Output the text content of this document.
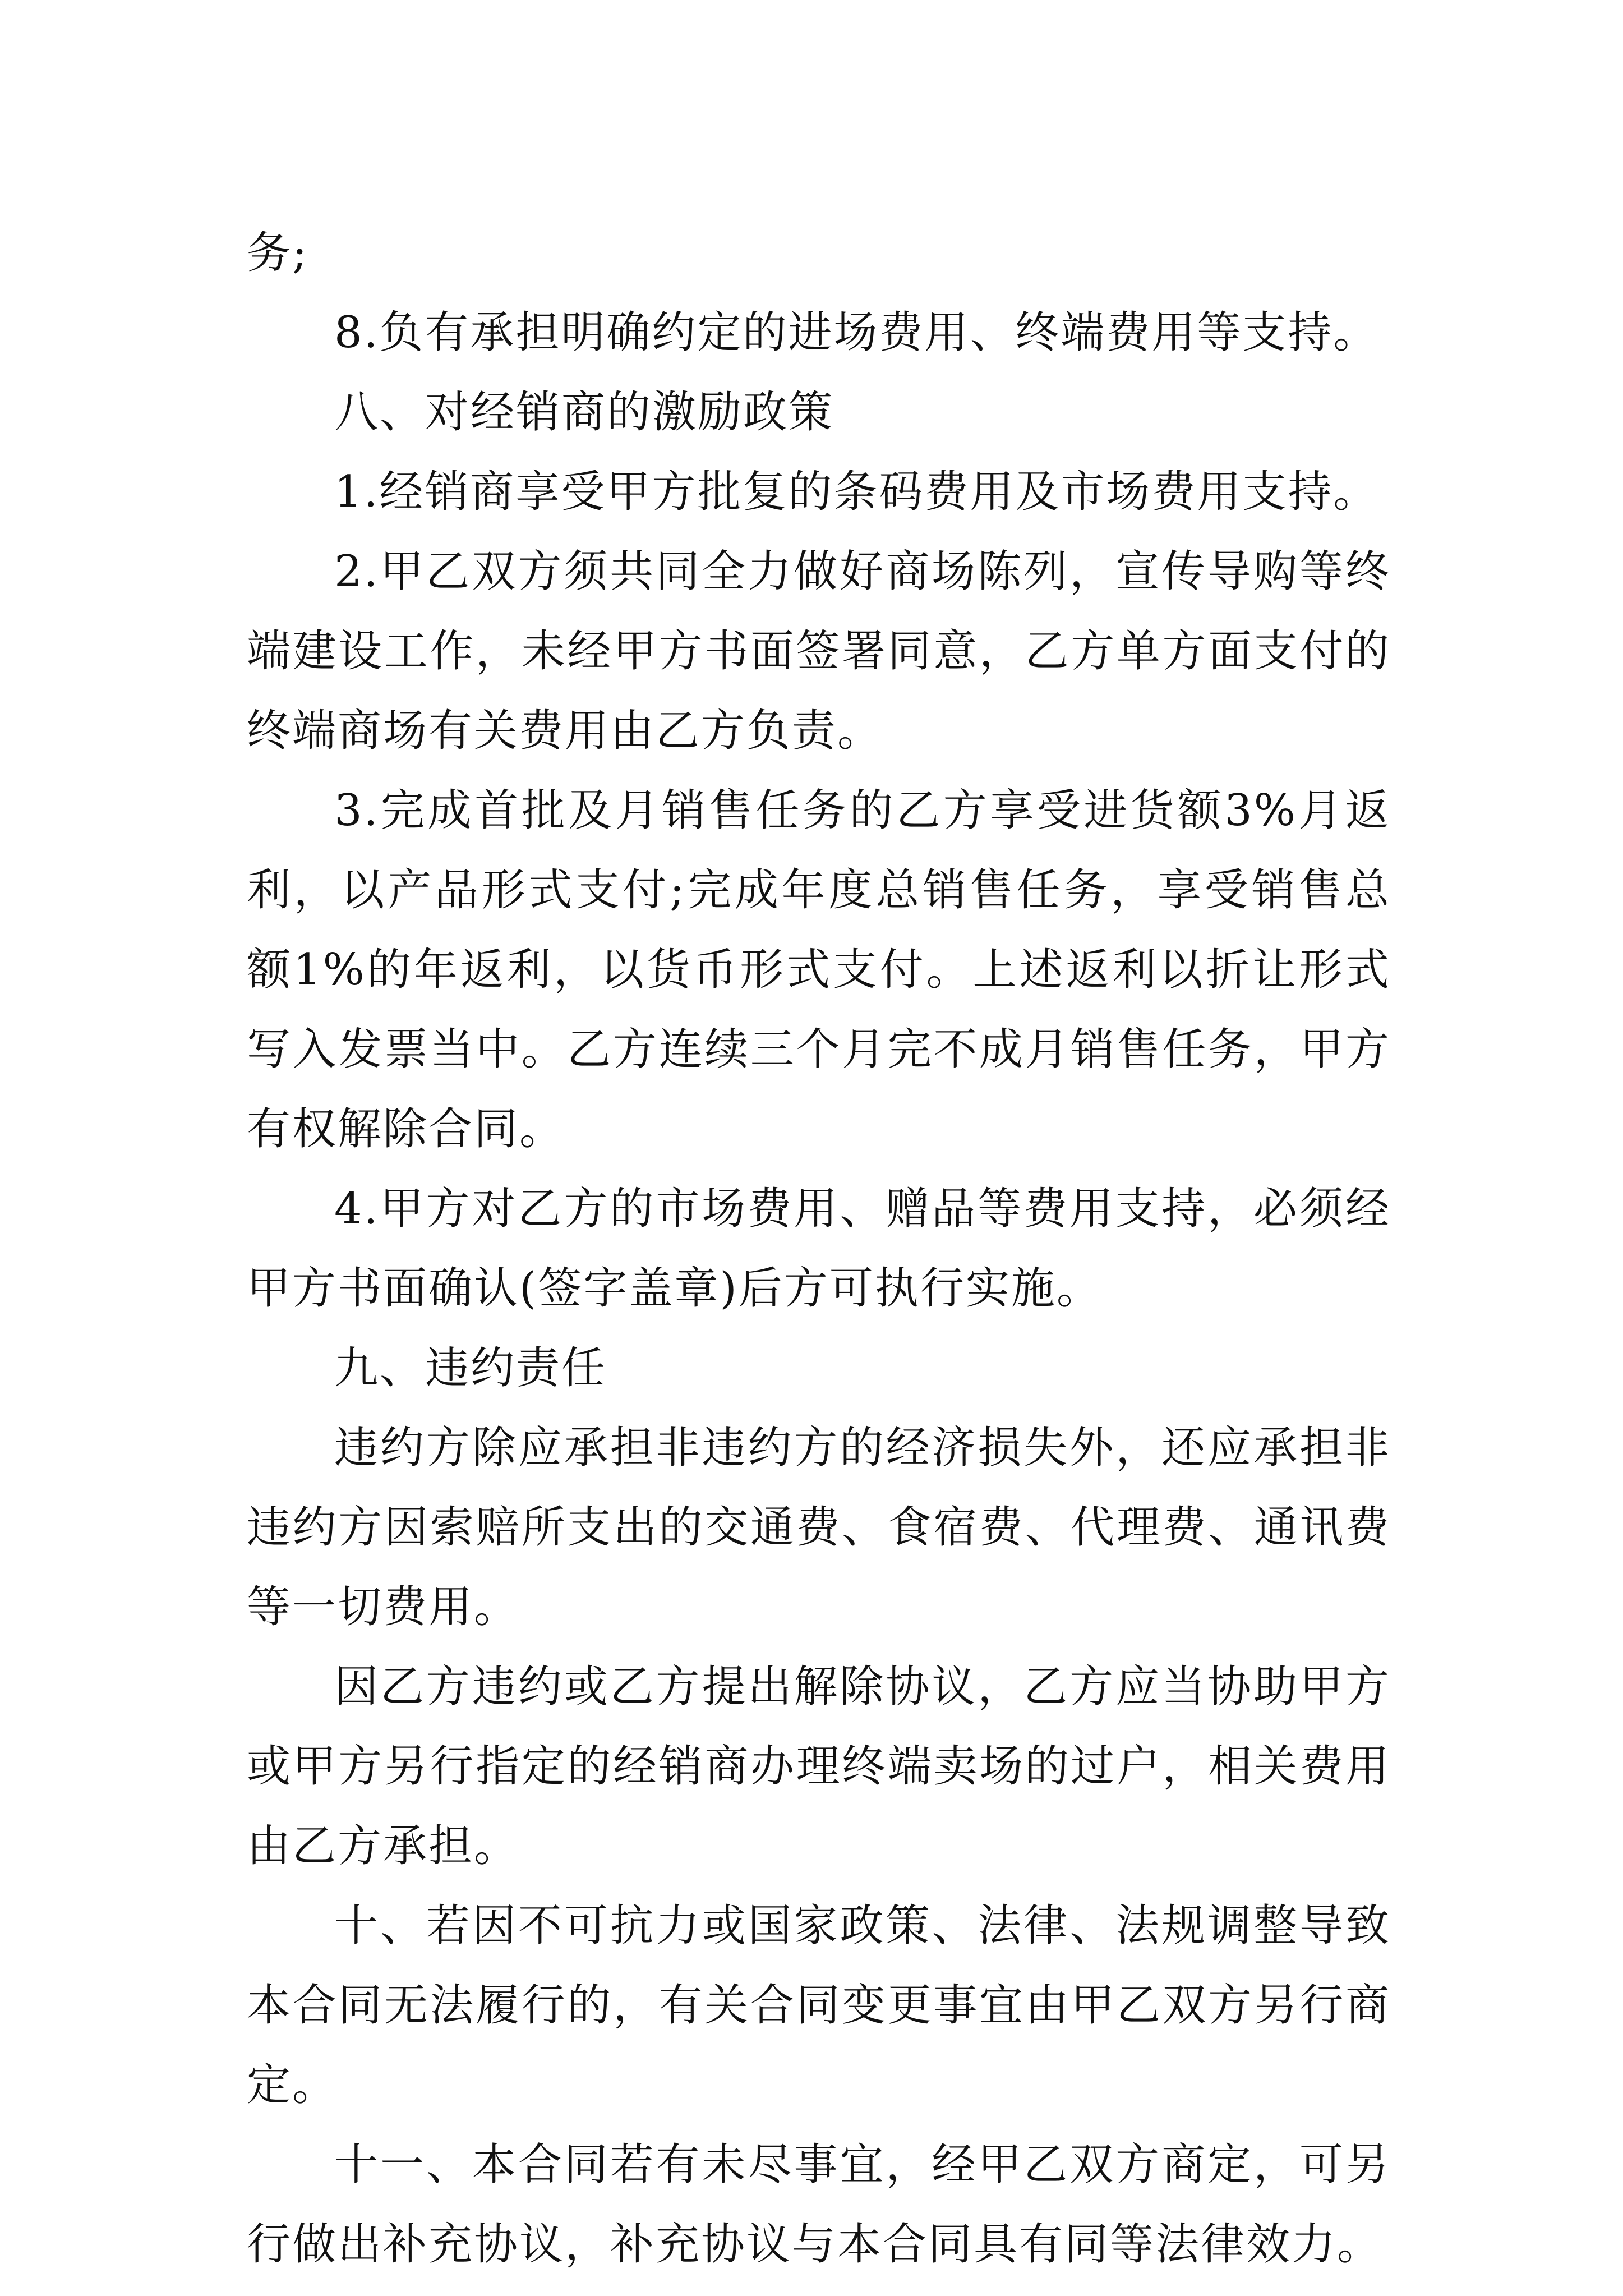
务;

8.负有承担明确约定的进场费用、终端费用等支持。

八、对经销商的激励政策

1.经销商享受甲方批复的条码费用及市场费用支持。

2.甲乙双方须共同全力做好商场陈列，宣传导购等终端建设工作，未经甲方书面签署同意，乙方单方面支付的终端商场有关费用由乙方负责。

3.完成首批及月销售任务的乙方享受进货额3%月返利，以产品形式支付;完成年度总销售任务，享受销售总额1%的年返利，以货币形式支付。上述返利以折让形式写入发票当中。乙方连续三个月完不成月销售任务，甲方有权解除合同。

4.甲方对乙方的市场费用、赠品等费用支持，必须经甲方书面确认(签字盖章)后方可执行实施。

九、违约责任

违约方除应承担非违约方的经济损失外，还应承担非违约方因索赔所支出的交通费、食宿费、代理费、通讯费等一切费用。

因乙方违约或乙方提出解除协议，乙方应当协助甲方或甲方另行指定的经销商办理终端卖场的过户，相关费用由乙方承担。

十、若因不可抗力或国家政策、法律、法规调整导致本合同无法履行的，有关合同变更事宜由甲乙双方另行商定。

十一、本合同若有未尽事宜，经甲乙双方商定，可另行做出补充协议，补充协议与本合同具有同等法律效力。
